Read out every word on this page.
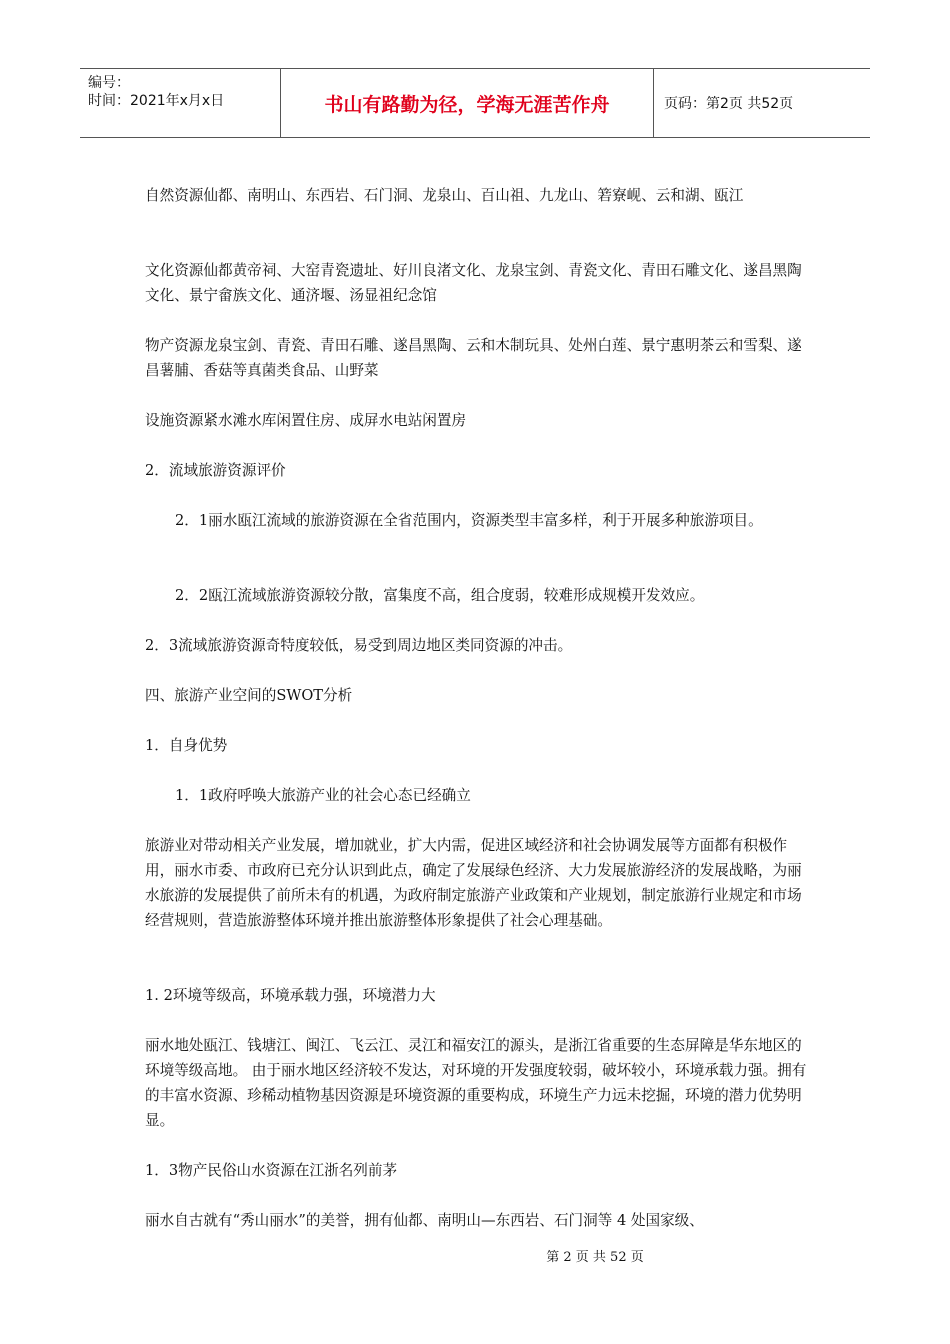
编号：
时间：2021年x月x日	书山有路勤为径，学海无涯苦作舟	页码：第2页 共52页

自然资源仙都、南明山、东西岩、石门洞、龙泉山、百山祖、九龙山、箬寮岘、云和湖、瓯江

文化资源仙都黄帝祠、大窑青瓷遗址、好川良渚文化、龙泉宝剑、青瓷文化、青田石雕文化、遂昌黑陶文化、景宁畲族文化、通济堰、汤显祖纪念馆

物产资源龙泉宝剑、青瓷、青田石雕、遂昌黑陶、云和木制玩具、处州白莲、景宁惠明茶云和雪梨、遂昌薯脯、香菇等真菌类食品、山野菜

设施资源紧水滩水库闲置住房、成屏水电站闲置房

2．流域旅游资源评价

2．1丽水瓯江流域的旅游资源在全省范围内，资源类型丰富多样，利于开展多种旅游项目。

2．2瓯江流域旅游资源较分散，富集度不高，组合度弱，较难形成规模开发效应。

2．3流域旅游资源奇特度较低，易受到周边地区类同资源的冲击。

四、旅游产业空间的SWOT分析

1．自身优势

1．1政府呼唤大旅游产业的社会心态已经确立

旅游业对带动相关产业发展，增加就业，扩大内需，促进区域经济和社会协调发展等方面都有积极作用，丽水市委、市政府已充分认识到此点，确定了发展绿色经济、大力发展旅游经济的发展战略，为丽水旅游的发展提供了前所未有的机遇，为政府制定旅游产业政策和产业规划，制定旅游行业规定和市场经营规则，营造旅游整体环境并推出旅游整体形象提供了社会心理基础。

1. 2环境等级高，环境承载力强，环境潜力大

丽水地处瓯江、钱塘江、闽江、飞云江、灵江和福安江的源头，是浙江省重要的生态屏障是华东地区的环境等级高地。 由于丽水地区经济较不发达，对环境的开发强度较弱，破坏较小，环境承载力强。拥有的丰富水资源、珍稀动植物基因资源是环境资源的重要构成，环境生产力远未挖掘，环境的潜力优势明显。

1．3物产民俗山水资源在江浙名列前茅

丽水自古就有“秀山丽水”的美誉，拥有仙都、南明山—东西岩、石门洞等 4 处国家级、

第 2 页 共 52 页
